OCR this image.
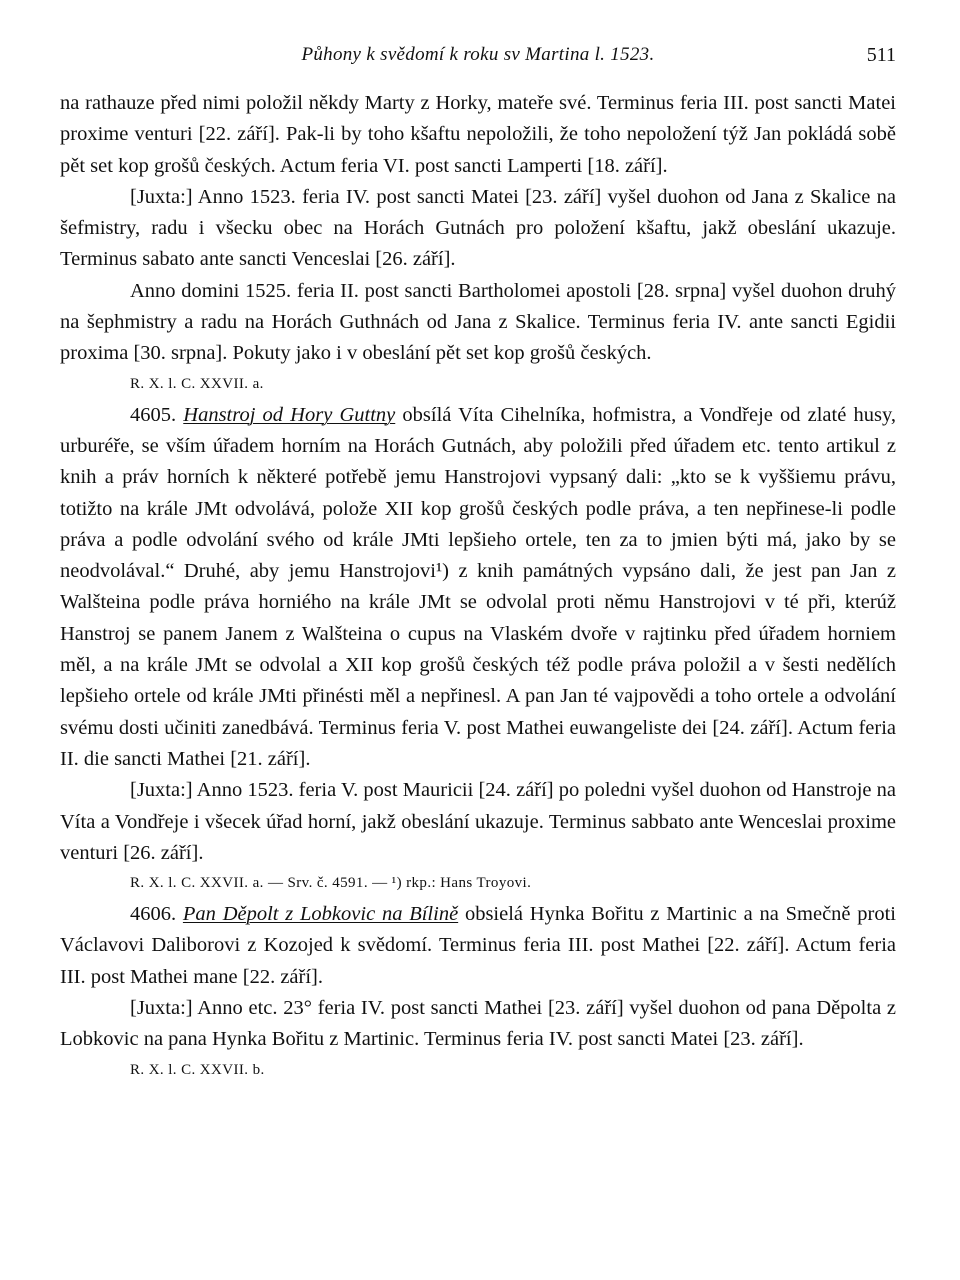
Půhony k svědomí k roku sv Martina l. 1523.	511

na rathauze před nimi položil někdy Marty z Horky, mateře své. Terminus feria III. post sancti Matei proxime venturi [22. září]. Pak-li by toho kšaftu nepoložili, že toho nepoložení týž Jan pokládá sobě pět set kop grošů českých. Actum feria VI. post sancti Lamperti [18. září].

[Juxta:] Anno 1523. feria IV. post sancti Matei [23. září] vyšel duohon od Jana z Skalice na šefmistry, radu i všecku obec na Horách Gutnách pro položení kšaftu, jakž obeslání ukazuje. Terminus sabato ante sancti Venceslai [26. září].

Anno domini 1525. feria II. post sancti Bartholomei apostoli [28. srpna] vyšel duohon druhý na šephmistry a radu na Horách Guthnách od Jana z Skalice. Terminus feria IV. ante sancti Egidii proxima [30. srpna]. Pokuty jako i v obeslání pět set kop grošů českých.

R. X. l. C. XXVII. a.

4605. Hanstroj od Hory Guttny obsílá Víta Cihelníka, hofmistra, a Vondřeje od zlaté husy, urburéře, se vším úřadem horním na Horách Gutnách, aby položili před úřadem etc. tento artikul z knih a práv horních k některé potřebě jemu Hanstrojovi vypsaný dali: „kto se k vyššiemu právu, totižto na krále JMt odvolává, polože XII kop grošů českých podle práva, a ten nepřinese-li podle práva a podle odvolání svého od krále JMti lepšieho ortele, ten za to jmien býti má, jako by se neodvolával.“ Druhé, aby jemu Hanstrojovi¹) z knih památných vypsáno dali, že jest pan Jan z Walšteina podle práva horniého na krále JMt se odvolal proti němu Hanstrojovi v té při, kterúž Hanstroj se panem Janem z Walšteina o cupus na Vlaském dvoře v rajtinku před úřadem horniem měl, a na krále JMt se odvolal a XII kop grošů českých též podle práva položil a v šesti nedělích lepšieho ortele od krále JMti přinésti měl a nepřinesl. A pan Jan té vajpovědi a toho ortele a odvolání svému dosti učiniti zanedbává. Terminus feria V. post Mathei euwangeliste dei [24. září]. Actum feria II. die sancti Mathei [21. září].

[Juxta:] Anno 1523. feria V. post Mauricii [24. září] po poledni vyšel duohon od Hanstroje na Víta a Vondřeje i všecek úřad horní, jakž obeslání ukazuje. Terminus sabbato ante Wenceslai proxime venturi [26. září].

R. X. l. C. XXVII. a. — Srv. č. 4591. — ¹) rkp.: Hans Troyovi.

4606. Pan Děpolt z Lobkovic na Bílině obsielá Hynka Bořitu z Martinic a na Smečně proti Václavovi Daliborovi z Kozojed k svědomí. Terminus feria III. post Mathei [22. září]. Actum feria III. post Mathei mane [22. září].

[Juxta:] Anno etc. 23° feria IV. post sancti Mathei [23. září] vyšel duohon od pana Děpolta z Lobkovic na pana Hynka Bořitu z Martinic. Terminus feria IV. post sancti Matei [23. září].

R. X. l. C. XXVII. b.
